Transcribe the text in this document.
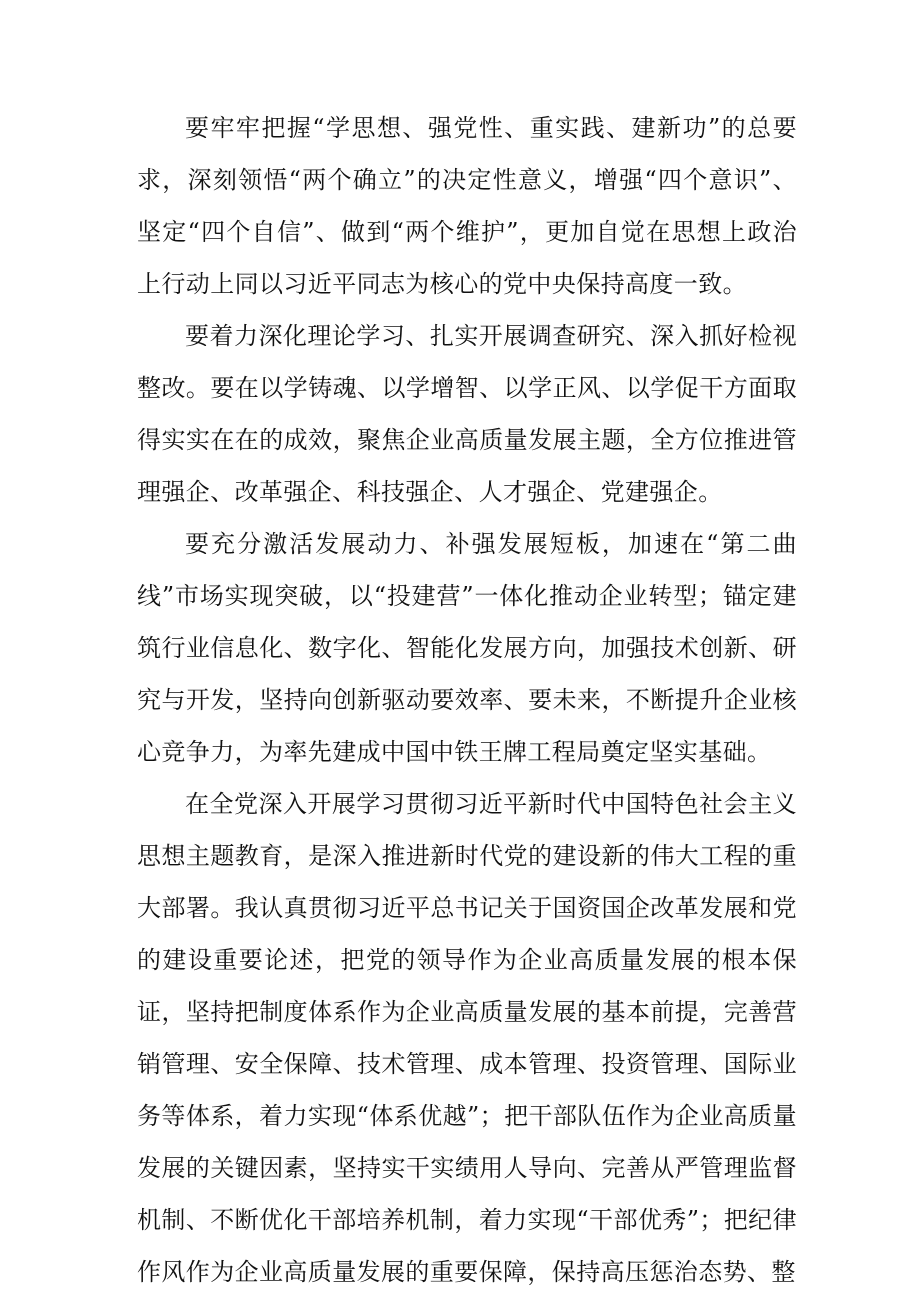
要牢牢把握“学思想、强党性、重实践、建新功”的总要求，深刻领悟“两个确立”的决定性意义，增强“四个意识”、坚定“四个自信”、做到“两个维护”，更加自觉在思想上政治上行动上同以习近平同志为核心的党中央保持高度一致。

要着力深化理论学习、扎实开展调查研究、深入抓好检视整改。要在以学铸魂、以学增智、以学正风、以学促干方面取得实实在在的成效，聚焦企业高质量发展主题，全方位推进管理强企、改革强企、科技强企、人才强企、党建强企。

要充分激活发展动力、补强发展短板，加速在“第二曲线”市场实现突破，以“投建营”一体化推动企业转型；锚定建筑行业信息化、数字化、智能化发展方向，加强技术创新、研究与开发，坚持向创新驱动要效率、要未来，不断提升企业核心竞争力，为率先建成中国中铁王牌工程局奠定坚实基础。

在全党深入开展学习贯彻习近平新时代中国特色社会主义思想主题教育，是深入推进新时代党的建设新的伟大工程的重大部署。我认真贯彻习近平总书记关于国资国企改革发展和党的建设重要论述，把党的领导作为企业高质量发展的根本保证，坚持把制度体系作为企业高质量发展的基本前提，完善营销管理、安全保障、技术管理、成本管理、投资管理、国际业务等体系，着力实现“体系优越”；把干部队伍作为企业高质量发展的关键因素，坚持实干实绩用人导向、完善从严管理监督机制、不断优化干部培养机制，着力实现“干部优秀”；把纪律作风作为企业高质量发展的重要保障，保持高压惩治态势、整
